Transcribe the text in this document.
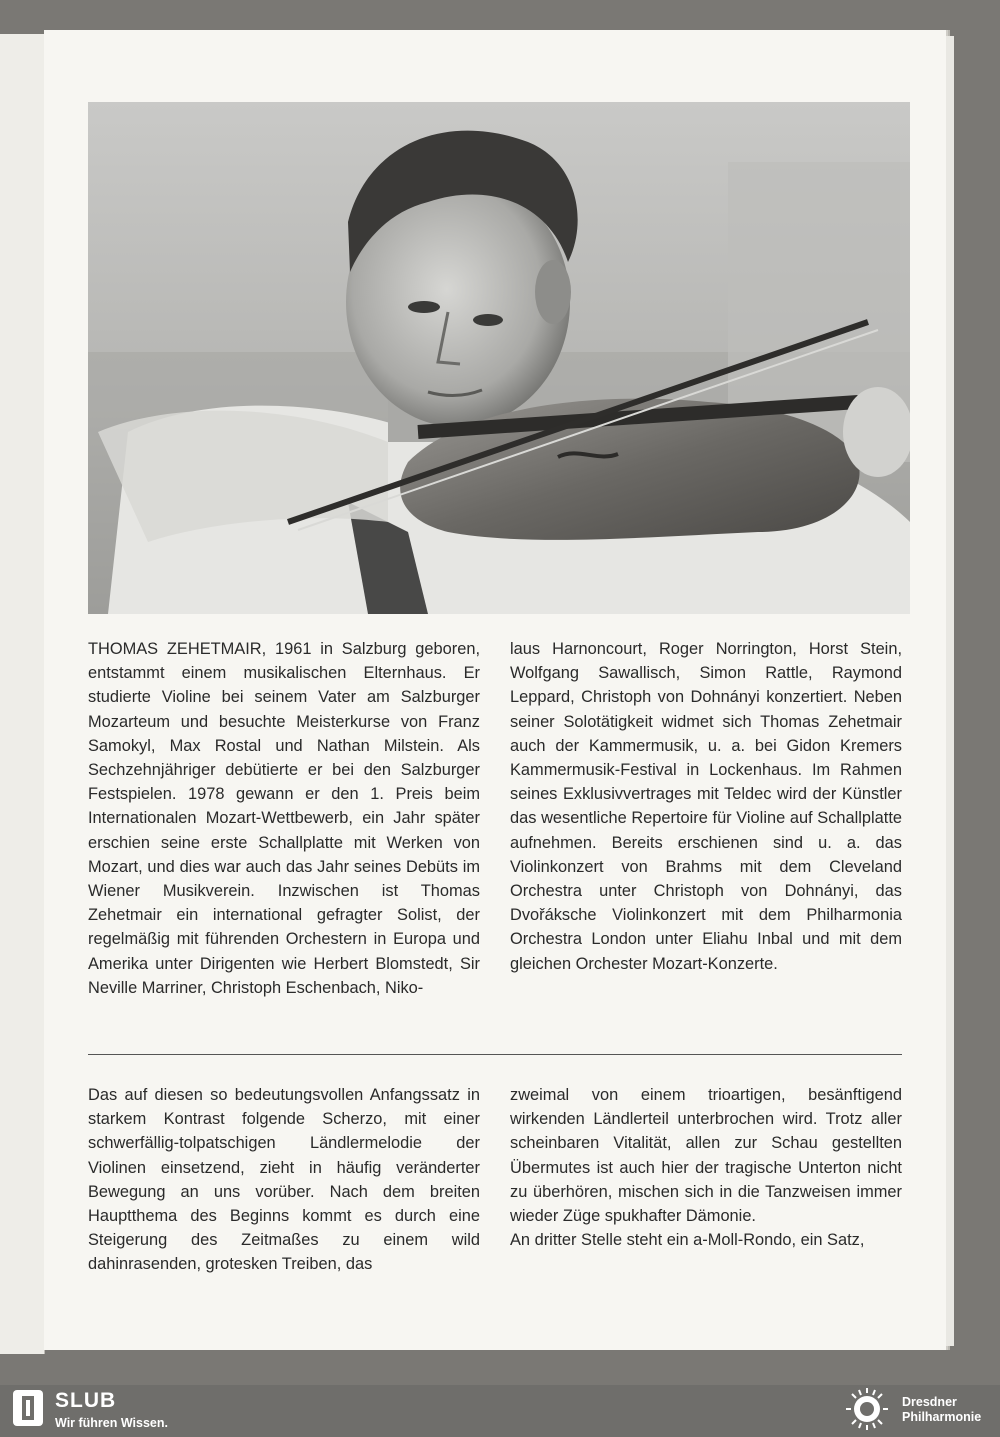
THOMAS ZEHETMAIR, 1961 in Salzburg geboren, entstammt einem musikalischen Elternhaus. Er studierte Violine bei seinem Vater am Salzburger Mozarteum und besuchte Meisterkurse von Franz Samokyl, Max Rostal und Nathan Milstein. Als Sechzehnjähriger debütierte er bei den Salzburger Festspielen. 1978 gewann er den 1. Preis beim Internationalen Mozart-Wettbewerb, ein Jahr später erschien seine erste Schallplatte mit Werken von Mozart, und dies war auch das Jahr seines Debüts im Wiener Musikverein. Inzwischen ist Thomas Zehetmair ein international gefragter Solist, der regelmäßig mit führenden Orchestern in Europa und Amerika unter Dirigenten wie Herbert Blomstedt, Sir Neville Marriner, Christoph Eschenbach, Niko-

laus Harnoncourt, Roger Norrington, Horst Stein, Wolfgang Sawallisch, Simon Rattle, Raymond Leppard, Christoph von Dohnányi konzertiert. Neben seiner Solotätigkeit widmet sich Thomas Zehetmair auch der Kammermusik, u. a. bei Gidon Kremers Kammermusik-Festival in Lockenhaus. Im Rahmen seines Exklusivvertrages mit Teldec wird der Künstler das wesentliche Repertoire für Violine auf Schallplatte aufnehmen. Bereits erschienen sind u. a. das Violinkonzert von Brahms mit dem Cleveland Orchestra unter Christoph von Dohnányi, das Dvořáksche Violinkonzert mit dem Philharmonia Orchestra London unter Eliahu Inbal und mit dem gleichen Orchester Mozart-Konzerte.

Das auf diesen so bedeutungsvollen Anfangssatz in starkem Kontrast folgende Scherzo, mit einer schwerfällig-tolpatschigen Ländlermelodie der Violinen einsetzend, zieht in häufig veränderter Bewegung an uns vorüber. Nach dem breiten Hauptthema des Beginns kommt es durch eine Steigerung des Zeitmaßes zu einem wild dahinrasenden, grotesken Treiben, das

zweimal von einem trioartigen, besänftigend wirkenden Ländlerteil unterbrochen wird. Trotz aller scheinbaren Vitalität, allen zur Schau gestellten Übermutes ist auch hier der tragische Unterton nicht zu überhören, mischen sich in die Tanzweisen immer wieder Züge spukhafter Dämonie.

An dritter Stelle steht ein a-Moll-Rondo, ein Satz,

SLUB
Wir führen Wissen.
Dresdner
Philharmonie
